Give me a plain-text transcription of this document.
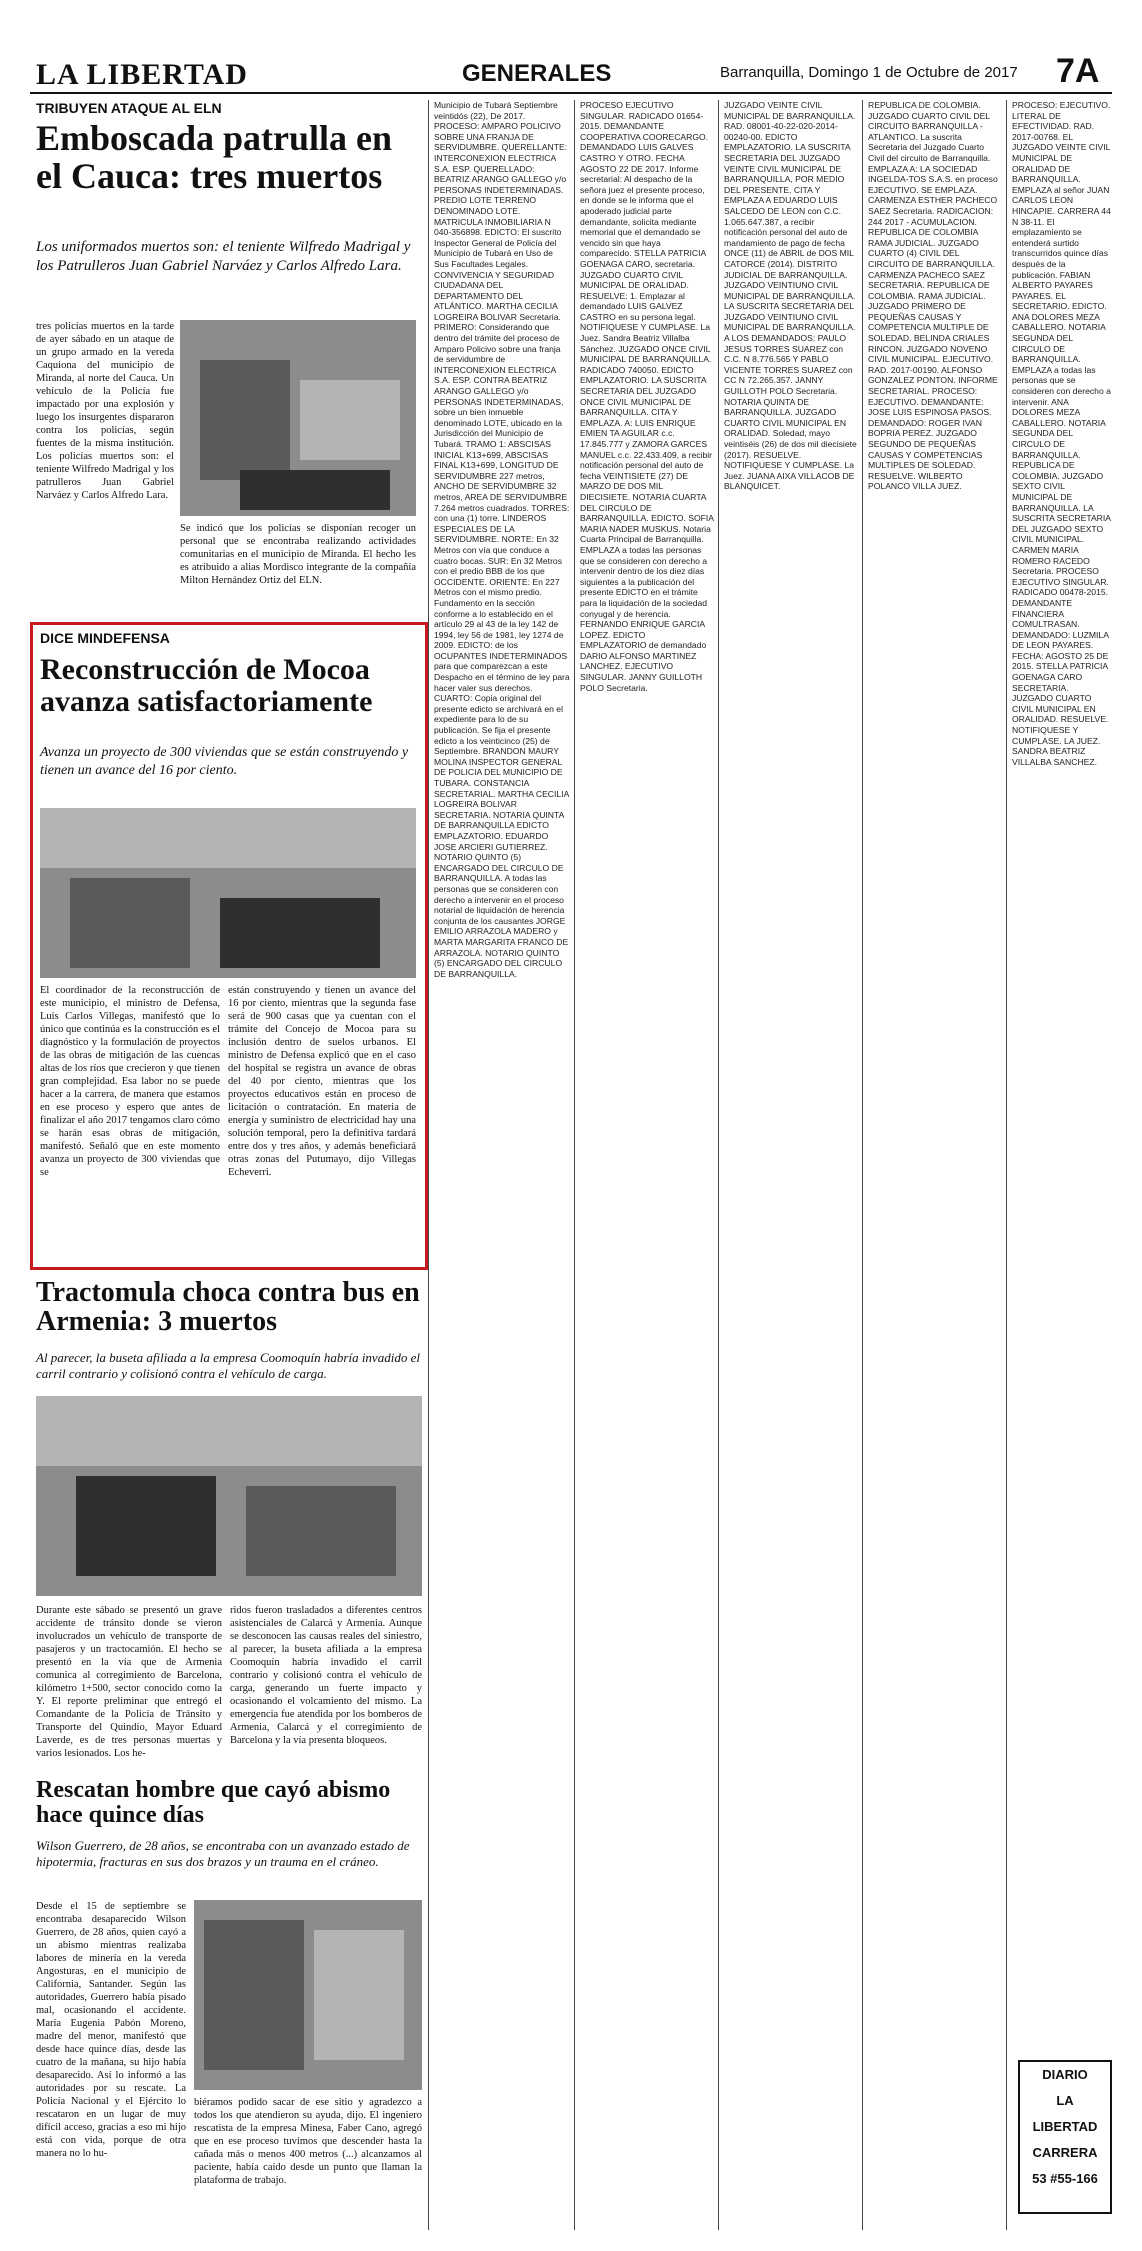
LA LIBERTAD	GENERALES	Barranquilla, Domingo 1 de Octubre de 2017 7A
TRIBUYEN ATAQUE AL ELN
Emboscada patrulla en el Cauca: tres muertos
Los uniformados muertos son: el teniente Wilfredo Madrigal y los Patrulleros Juan Gabriel Narváez y Carlos Alfredo Lara.
tres policías muertos en la tarde de ayer sábado en un ataque de un grupo armado en la vereda Caquiona del municipio de Miranda, al norte del Cauca. Un vehículo de la Policía fue impactado por una explosión y luego los insurgentes dispararon contra los policías, según fuentes de la misma institución. Los policías muertos son: el teniente Wilfredo Madrigal y los patrulleros Juan Gabriel Narváez y Carlos Alfredo Lara.
Se indicó que los policías se disponían recoger un personal que se encontraba realizando actividades comunitarias en el municipio de Miranda. El hecho les es atribuido a alias Mordisco integrante de la compañía Milton Hernández Ortiz del ELN.
DICE MINDEFENSA
Reconstrucción de Mocoa avanza satisfactoriamente
Avanza un proyecto de 300 viviendas que se están construyendo y tienen un avance del 16 por ciento.
El coordinador de la reconstrucción de este municipio, el ministro de Defensa, Luis Carlos Villegas, manifestó que lo único que continúa es la construcción es el diagnóstico y la formulación de proyectos de las obras de mitigación de las cuencas altas de los ríos que crecieron y que tienen gran complejidad. Esa labor no se puede hacer a la carrera, de manera que estamos en ese proceso y espero que antes de finalizar el año 2017 tengamos claro cómo se harán esas obras de mitigación, manifestó. Señaló que en este momento avanza un proyecto de 300 viviendas que se
están construyendo y tienen un avance del 16 por ciento, mientras que la segunda fase será de 900 casas que ya cuentan con el trámite del Concejo de Mocoa para su inclusión dentro de suelos urbanos. El ministro de Defensa explicó que en el caso del hospital se registra un avance de obras del 40 por ciento, mientras que los proyectos educativos están en proceso de licitación o contratación. En materia de energía y suministro de electricidad hay una solución temporal, pero la definitiva tardará entre dos y tres años, y además beneficiará otras zonas del Putumayo, dijo Villegas Echeverri.
Tractomula choca contra bus en Armenia: 3 muertos
Al parecer, la buseta afiliada a la empresa Coomoquín habría invadido el carril contrario y colisionó contra el vehículo de carga.
Durante este sábado se presentó un grave accidente de tránsito donde se vieron involucrados un vehículo de transporte de pasajeros y un tractocamión. El hecho se presentó en la vía que de Armenia comunica al corregimiento de Barcelona, kilómetro 1+500, sector conocido como la Y. El reporte preliminar que entregó el Comandante de la Policía de Tránsito y Transporte del Quindío, Mayor Eduard Laverde, es de tres personas muertas y varios lesionados. Los he-
ridos fueron trasladados a diferentes centros asistenciales de Calarcá y Armenia. Aunque se desconocen las causas reales del siniestro, al parecer, la buseta afiliada a la empresa Coomoquín habría invadido el carril contrario y colisionó contra el vehículo de carga, generando un fuerte impacto y ocasionando el volcamiento del mismo. La emergencia fue atendida por los bomberos de Armenia, Calarcá y el corregimiento de Barcelona y la vía presenta bloqueos.
Rescatan hombre que cayó abismo hace quince días
Wilson Guerrero, de 28 años, se encontraba con un avanzado estado de hipotermia, fracturas en sus dos brazos y un trauma en el cráneo.
Desde el 15 de septiembre se encontraba desaparecido Wilson Guerrero, de 28 años, quien cayó a un abismo mientras realizaba labores de minería en la vereda Angosturas, en el municipio de California, Santander. Según las autoridades, Guerrero había pisado mal, ocasionando el accidente. María Eugenia Pabón Moreno, madre del menor, manifestó que desde hace quince días, desde las cuatro de la mañana, su hijo había desaparecido. Así lo informó a las autoridades por su rescate. La Policía Nacional y el Ejército lo rescataron en un lugar de muy difícil acceso, gracias a eso mi hijo está con vida, porque de otra manera no lo hu-
biéramos podido sacar de ese sitio y agradezco a todos los que atendieron su ayuda, dijo. El ingeniero rescatista de la empresa Minesa, Faber Cano, agregó que en ese proceso tuvimos que descender hasta la cañada más o menos 400 metros (...) alcanzamos al paciente, había caído desde un punto que llaman la plataforma de trabajo.
Municipio de Tubará Septiembre veintidós (22), De 2017. PROCESO: AMPARO POLICIVO SOBRE UNA FRANJA DE SERVIDUMBRE. QUERELLANTE: INTERCONEXION ELECTRICA S.A. ESP. QUERELLADO: BEATRIZ ARANGO GALLEGO y/o PERSONAS INDETERMINADAS. PREDIO LOTE TERRENO DENOMINADO LOTE. MATRICULA INMOBILIARIA N 040-356898. EDICTO: El suscrito Inspector General de Policía del Municipio de Tubará en Uso de Sus Facultades Legales. CONVIVENCIA Y SEGURIDAD CIUDADANA DEL DEPARTAMENTO DEL ATLÁNTICO. MARTHA CECILIA LOGREIRA BOLIVAR Secretaria. PRIMERO: Considerando que dentro del trámite del proceso de Amparo Policivo sobre una franja de servidumbre de INTERCONEXION ELECTRICA S.A. ESP. CONTRA BEATRIZ ARANGO GALLEGO y/o PERSONAS INDETERMINADAS, sobre un bien inmueble denominado LOTE, ubicado en la Jurisdicción del Municipio de Tubará. TRAMO 1: ABSCISAS INICIAL K13+699, ABSCISAS FINAL K13+699, LONGITUD DE SERVIDUMBRE 227 metros, ANCHO DE SERVIDUMBRE 32 metros, AREA DE SERVIDUMBRE 7.264 metros cuadrados. TORRES: con una (1) torre. LINDEROS ESPECIALES DE LA SERVIDUMBRE. NORTE: En 32 Metros con vía que conduce a cuatro bocas. SUR: En 32 Metros con el predio BBB de los que OCCIDENTE. ORIENTE: En 227 Metros con el mismo predio. Fundamento en la sección conforme a lo establecido en el artículo 29 al 43 de la ley 142 de 1994, ley 56 de 1981, ley 1274 de 2009. EDICTO: de los OCUPANTES INDETERMINADOS para que comparezcan a este Despacho en el término de ley para hacer valer sus derechos. CUARTO: Copia original del presente edicto se archivará en el expediente para lo de su publicación. Se fija el presente edicto a los veinticinco (25) de Septiembre. BRANDON MAURY MOLINA INSPECTOR GENERAL DE POLICIA DEL MUNICIPIO DE TUBARA. CONSTANCIA SECRETARIAL. MARTHA CECILIA LOGREIRA BOLIVAR SECRETARIA. NOTARIA QUINTA DE BARRANQUILLA EDICTO EMPLAZATORIO. EDUARDO JOSE ARCIERI GUTIERREZ. NOTARIO QUINTO (5) ENCARGADO DEL CIRCULO DE BARRANQUILLA. A todas las personas que se consideren con derecho a intervenir en el proceso notarial de liquidación de herencia conjunta de los causantes JORGE EMILIO ARRAZOLA MADERO y MARTA MARGARITA FRANCO DE ARRAZOLA. NOTARIO QUINTO (5) ENCARGADO DEL CIRCULO DE BARRANQUILLA.
PROCESO EJECUTIVO SINGULAR. RADICADO 01654-2015. DEMANDANTE COOPERATIVA COORECARGO. DEMANDADO LUIS GALVES CASTRO Y OTRO. FECHA AGOSTO 22 DE 2017. Informe secretarial: Al despacho de la señora juez el presente proceso, en donde se le informa que el apoderado judicial parte demandante, solicita mediante memorial que el demandado se vencido sin que haya comparecido. STELLA PATRICIA GOENAGA CARO, secretaria. JUZGADO CUARTO CIVIL MUNICIPAL DE ORALIDAD. RESUELVE: 1. Emplazar al demandado LUIS GALVEZ CASTRO en su persona legal. NOTIFIQUESE Y CUMPLASE. La Juez. Sandra Beatriz Villalba Sánchez. JUZGADO ONCE CIVIL MUNICIPAL DE BARRANQUILLA. RADICADO 740050. EDICTO EMPLAZATORIO. LA SUSCRITA SECRETARIA DEL JUZGADO ONCE CIVIL MUNICIPAL DE BARRANQUILLA. CITA Y EMPLAZA. A: LUIS ENRIQUE EMIEN TA AGUILAR c.c. 17.845.777 y ZAMORA GARCES MANUEL c.c. 22.433.409, a recibir notificación personal del auto de fecha VEINTISIETE (27) DE MARZO DE DOS MIL DIECISIETE. NOTARIA CUARTA DEL CIRCULO DE BARRANQUILLA. EDICTO. SOFIA MARIA NADER MUSKUS. Notaria Cuarta Principal de Barranquilla. EMPLAZA a todas las personas que se consideren con derecho a intervenir dentro de los diez días siguientes a la publicación del presente EDICTO en el trámite para la liquidación de la sociedad conyugal y de herencia. FERNANDO ENRIQUE GARCIA LOPEZ. EDICTO EMPLAZATORIO de demandado DARIO ALFONSO MARTINEZ LANCHEZ. EJECUTIVO SINGULAR. JANNY GUILLOTH POLO Secretaria.
JUZGADO VEINTE CIVIL MUNICIPAL DE BARRANQUILLA. RAD. 08001-40-22-020-2014-00240-00. EDICTO EMPLAZATORIO. LA SUSCRITA SECRETARIA DEL JUZGADO VEINTE CIVIL MUNICIPAL DE BARRANQUILLA, POR MEDIO DEL PRESENTE. CITA Y EMPLAZA A EDUARDO LUIS SALCEDO DE LEON con C.C. 1.065.647.387, a recibir notificación personal del auto de mandamiento de pago de fecha ONCE (11) de ABRIL de DOS MIL CATORCE (2014). DISTRITO JUDICIAL DE BARRANQUILLA. JUZGADO VEINTIUNO CIVIL MUNICIPAL DE BARRANQUILLA. LA SUSCRITA SECRETARIA DEL JUZGADO VEINTIUNO CIVIL MUNICIPAL DE BARRANQUILLA. A LOS DEMANDADOS: PAULO JESUS TORRES SUAREZ con C.C. N 8.776.565 Y PABLO VICENTE TORRES SUAREZ con CC N 72.265.357. JANNY GUILLOTH POLO Secretaria. NOTARIA QUINTA DE BARRANQUILLA. JUZGADO CUARTO CIVIL MUNICIPAL EN ORALIDAD. Soledad, mayo veintiséis (26) de dos mil diecisiete (2017). RESUELVE. NOTIFIQUESE Y CUMPLASE. La Juez. JUANA AIXA VILLACOB DE BLANQUICET.
REPUBLICA DE COLOMBIA. JUZGADO CUARTO CIVIL DEL CIRCUITO BARRANQUILLA - ATLANTICO. La suscrita Secretaria del Juzgado Cuarto Civil del circuito de Barranquilla. EMPLAZA A: LA SOCIEDAD INGELDA-TOS S.A.S. en proceso EJECUTIVO. SE EMPLAZA. CARMENZA ESTHER PACHECO SAEZ Secretaria. RADICACION: 244 2017 - ACUMULACION. REPUBLICA DE COLOMBIA RAMA JUDICIAL. JUZGADO CUARTO (4) CIVIL DEL CIRCUITO DE BARRANQUILLA. CARMENZA PACHECO SAEZ SECRETARIA. REPUBLICA DE COLOMBIA. RAMA JUDICIAL. JUZGADO PRIMERO DE PEQUEÑAS CAUSAS Y COMPETENCIA MULTIPLE DE SOLEDAD. BELINDA CRIALES RINCON. JUZGADO NOVENO CIVIL MUNICIPAL. EJECUTIVO. RAD. 2017-00190. ALFONSO GONZALEZ PONTON. INFORME SECRETARIAL. PROCESO: EJECUTIVO. DEMANDANTE: JOSE LUIS ESPINOSA PASOS. DEMANDADO: ROGER IVAN BOPRIA PEREZ. JUZGADO SEGUNDO DE PEQUEÑAS CAUSAS Y COMPETENCIAS MULTIPLES DE SOLEDAD. RESUELVE. WILBERTO POLANCO VILLA JUEZ.
PROCESO: EJECUTIVO. LITERAL DE EFECTIVIDAD. RAD. 2017-00768. EL JUZGADO VEINTE CIVIL MUNICIPAL DE ORALIDAD DE BARRANQUILLA. EMPLAZA al señor JUAN CARLOS LEON HINCAPIE. CARRERA 44 N 38-11. El emplazamiento se entenderá surtido transcurridos quince días después de la publicación. FABIAN ALBERTO PAYARES PAYARES. EL SECRETARIO. EDICTO. ANA DOLORES MEZA CABALLERO. NOTARIA SEGUNDA DEL CIRCULO DE BARRANQUILLA. EMPLAZA a todas las personas que se consideren con derecho a intervenir. ANA DOLORES MEZA CABALLERO. NOTARIA SEGUNDA DEL CIRCULO DE BARRANQUILLA. REPUBLICA DE COLOMBIA. JUZGADO SEXTO CIVIL MUNICIPAL DE BARRANQUILLA. LA SUSCRITA SECRETARIA DEL JUZGADO SEXTO CIVIL MUNICIPAL. CARMEN MARIA ROMERO RACEDO Secretaria. PROCESO EJECUTIVO SINGULAR. RADICADO 00478-2015. DEMANDANTE FINANCIERA COMULTRASAN. DEMANDADO: LUZMILA DE LEON PAYARES. FECHA: AGOSTO 25 DE 2015. STELLA PATRICIA GOENAGA CARO SECRETARIA. JUZGADO CUARTO CIVIL MUNICIPAL EN ORALIDAD. RESUELVE. NOTIFIQUESE Y CUMPLASE. LA JUEZ. SANDRA BEATRIZ VILLALBA SANCHEZ.
DIARIO
LA
LIBERTAD
CARRERA
53 #55-166
